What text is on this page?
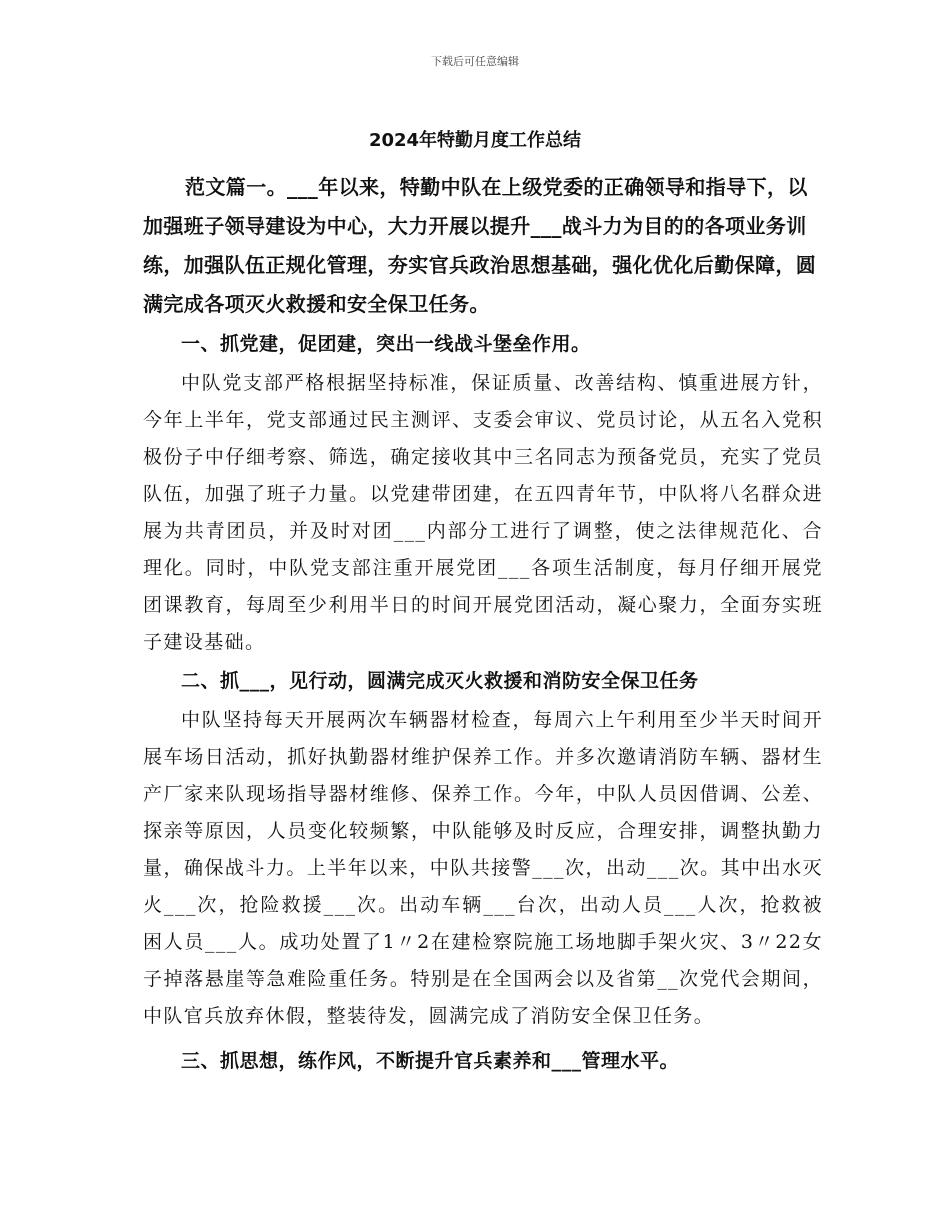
下载后可任意编辑
2024年特勤月度工作总结

范文篇一。___年以来，特勤中队在上级党委的正确领导和指导下，以加强班子领导建设为中心，大力开展以提升___战斗力为目的的各项业务训练，加强队伍正规化管理，夯实官兵政治思想基础，强化优化后勤保障，圆满完成各项灭火救援和安全保卫任务。

一、抓党建，促团建，突出一线战斗堡垒作用。

中队党支部严格根据坚持标准，保证质量、改善结构、慎重进展方针，今年上半年，党支部通过民主测评、支委会审议、党员讨论，从五名入党积极份子中仔细考察、筛选，确定接收其中三名同志为预备党员，充实了党员队伍，加强了班子力量。以党建带团建，在五四青年节，中队将八名群众进展为共青团员，并及时对团___内部分工进行了调整，使之法律规范化、合理化。同时，中队党支部注重开展党团___各项生活制度，每月仔细开展党团课教育，每周至少利用半日的时间开展党团活动，凝心聚力，全面夯实班子建设基础。

二、抓___，见行动，圆满完成灭火救援和消防安全保卫任务

中队坚持每天开展两次车辆器材检查，每周六上午利用至少半天时间开展车场日活动，抓好执勤器材维护保养工作。并多次邀请消防车辆、器材生产厂家来队现场指导器材维修、保养工作。今年，中队人员因借调、公差、探亲等原因，人员变化较频繁，中队能够及时反应，合理安排，调整执勤力量，确保战斗力。上半年以来，中队共接警___次，出动___次。其中出水灭火___次，抢险救援___次。出动车辆___台次，出动人员___人次，抢救被困人员___人。成功处置了1〃2在建检察院施工场地脚手架火灾、3〃22女子掉落悬崖等急难险重任务。特别是在全国两会以及省第__次党代会期间，中队官兵放弃休假，整装待发，圆满完成了消防安全保卫任务。

三、抓思想，练作风，不断提升官兵素养和___管理水平。
